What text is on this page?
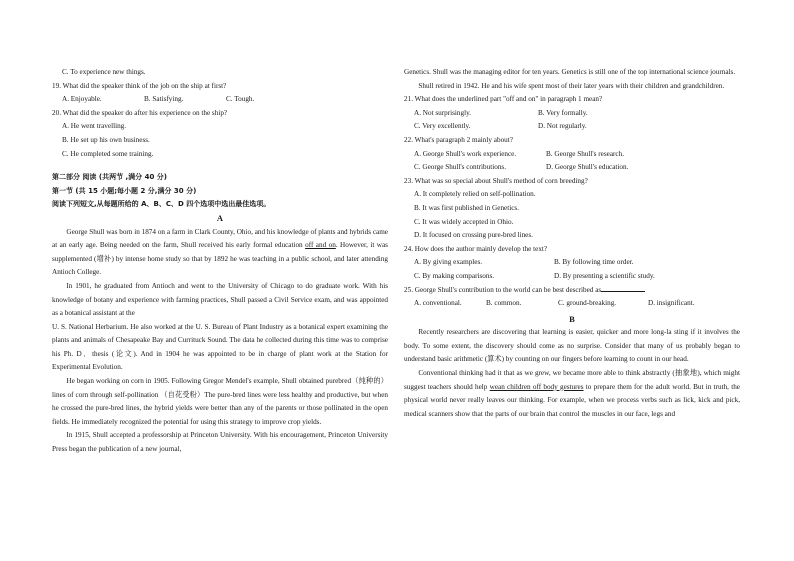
C. To experience new things.
19. What did the speaker think of the job on the ship at first?
A. Enjoyable.	B. Satisfying.	C. Tough.
20. What did the speaker do after his experience on the ship?
A. He went travelling.
B. He set up his own business.
C. He completed some training.
第二部分 阅读 (共两节 ,满分 40 分)
第一节 (共 15 小题;每小题 2 分,满分 30 分)
阅读下列短文,从每题所给的 A、B、C、D 四个选项中选出最佳选项。
A

George Shull was born in 1874 on a farm in Clark County, Ohio, and his knowledge of plants and hybrids came at an early age. Being needed on the farm, Shull received his early formal education off and on. However, it was supplemented (增补) by intense home study so that by 1892 he was teaching in a public school, and later attending Antioch College.

In 1901, he graduated from Antioch and went to the University of Chicago to do graduate work. With his knowledge of botany and experience with farming practices, Shull passed a Civil Service exam, and was appointed as a botanical assistant at the

U. S. National Herbarium. He also worked at the U. S. Bureau of Plant Industry as a botanical expert examining the plants and animals of Chesapeake Bay and Currituck Sound. The data he collected during this time was to comprise his Ph. D．thesis (论文). And in 1904 he was appointed to be in charge of plant work at the Station for Experimental Evolution.

He began working on corn in 1905. Following Gregor Mendel's example, Shull obtained purebred（纯种的）lines of corn through self-pollination （自花受粉）The pure-bred lines were less healthy and productive, but when he crossed the pure-bred lines, the hybrid yields were better than any of the parents or those pollinated in the open fields. He immediately recognized the potential for using this strategy to improve crop yields.

In 1915, Shull accepted a professorship at Princeton University. With his encouragement, Princeton University Press began the publication of a new journal,

Genetics. Shull was the managing editor for ten years. Genetics is still one of the top international science journals.

Shull retired in 1942. He and his wife spent most of their later years with their children and grandchildren.

21. What does the underlined part "off and on" in paragraph 1 mean?
A. Not surprisingly.	B. Very formally.
C. Very excellently.	D. Not regularly.
22. What's paragraph 2 mainly about?
A. George Shull's work experience.	B. George Shull's research.
C. George Shull's contributions.	D. George Shull's education.
23. What was so special about Shull's method of corn breeding?
A. It completely relied on self-pollination.
B. It was first published in Genetics.
C. It was widely accepted in Ohio.
D. It focused on crossing pure-bred lines.
24. How does the author mainly develop the text?
A. By giving examples.	B. By following time order.
C. By making comparisons.	D. By presenting a scientific study.
25. George Shull's contribution to the world can be best described as
A. conventional.	B. common.	C. ground-breaking.	D. insignificant.
B

Recently researchers are discovering that learning is easier, quicker and more long-la sting if it involves the body. To some extent, the discovery should come as no surprise. Consider that many of us probably began to understand basic arithmetic (算术) by counting on our fingers before learning to count in our head.

Conventional thinking had it that as we grew, we became more able to think abstractly (抽象地), which might suggest teachers should help wean children off body gestures to prepare them for the adult world. But in truth, the physical world never really leaves our thinking. For example, when we process verbs such as lick, kick and pick, medical scanners show that the parts of our brain that control the muscles in our face, legs and
